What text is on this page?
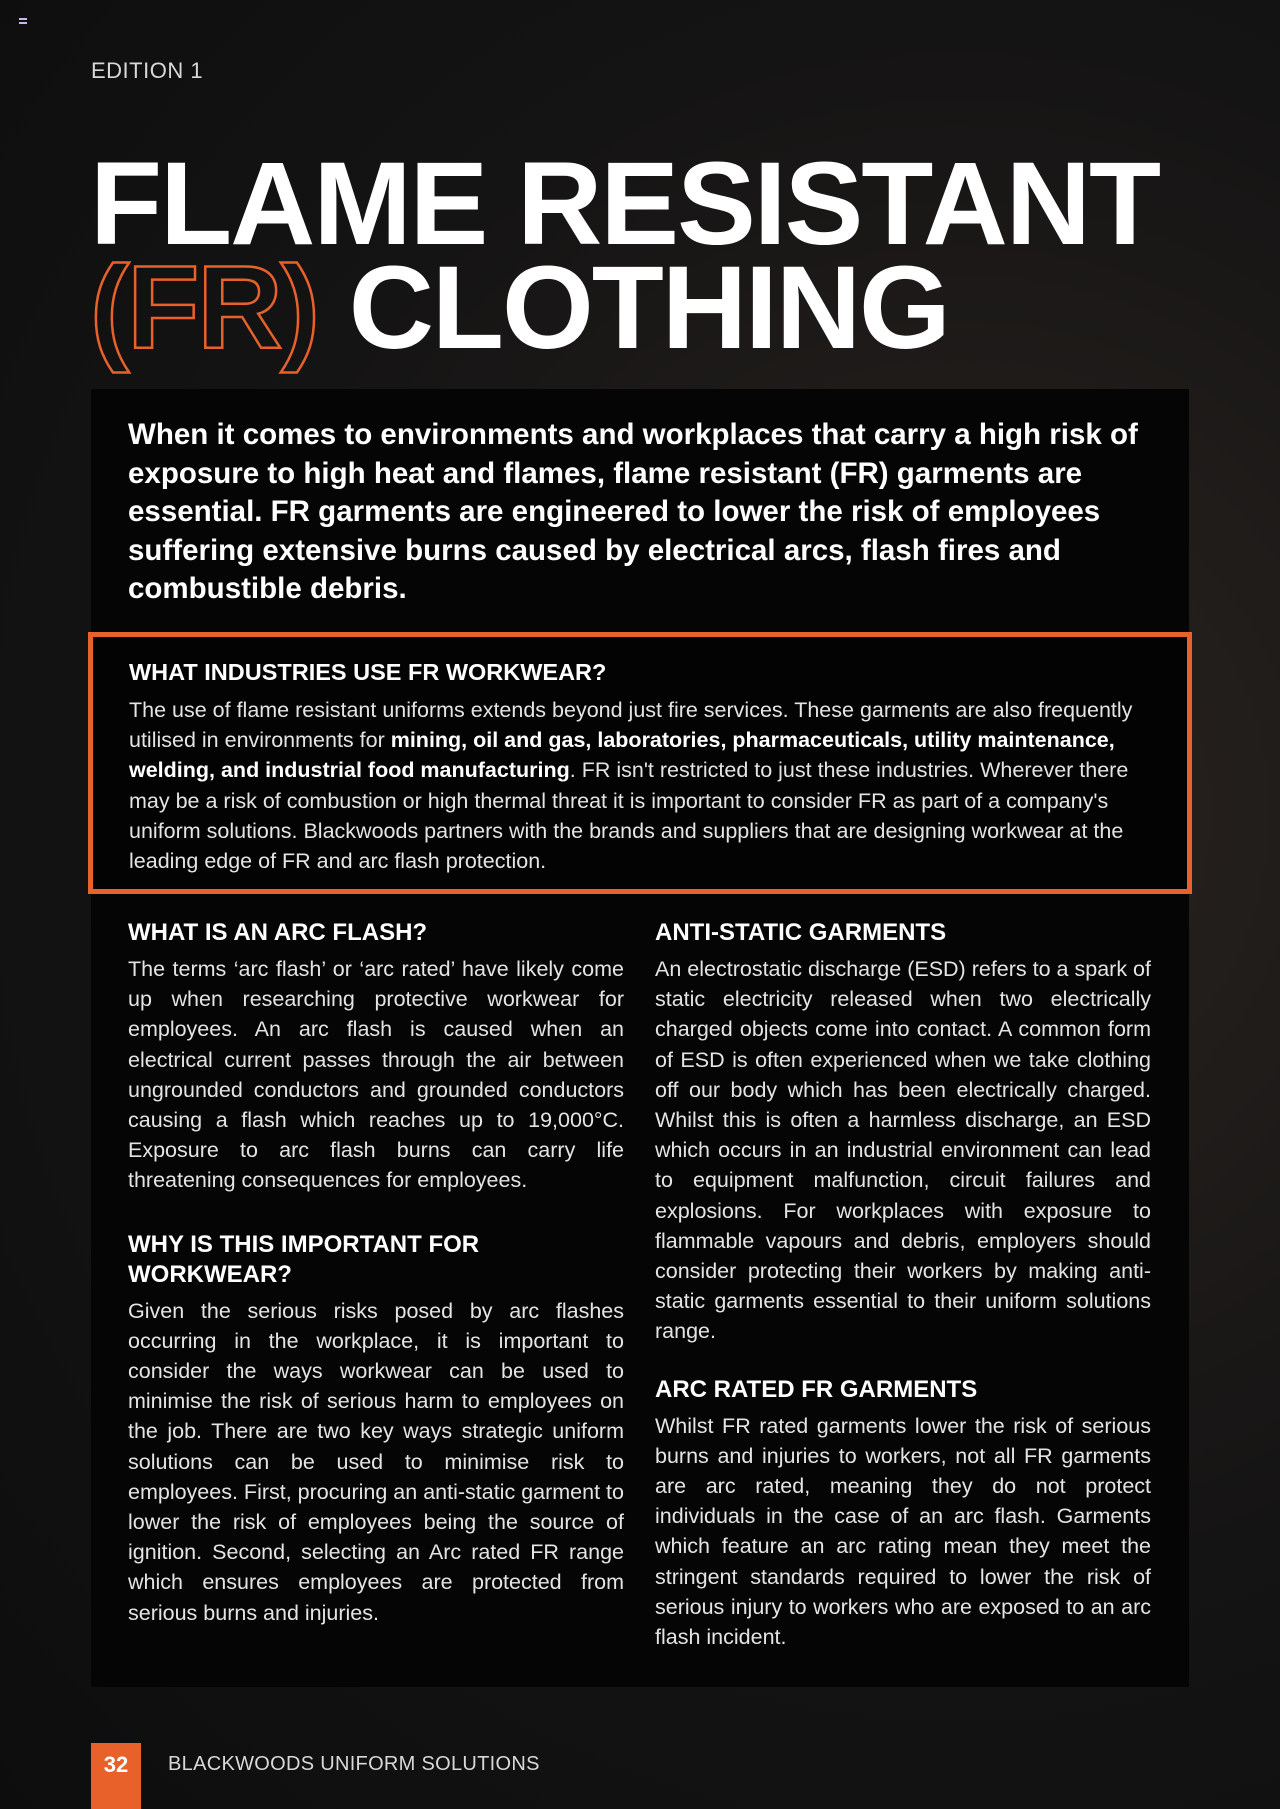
EDITION 1
FLAME RESISTANT
(FR) CLOTHING

When it comes to environments and workplaces that carry a high risk of exposure to high heat and flames, flame resistant (FR) garments are essential. FR garments are engineered to lower the risk of employees suffering extensive burns caused by electrical arcs, flash fires and combustible debris.

WHAT INDUSTRIES USE FR WORKWEAR?

The use of flame resistant uniforms extends beyond just fire services. These garments are also frequently utilised in environments for mining, oil and gas, laboratories, pharmaceuticals, utility maintenance, welding, and industrial food manufacturing. FR isn't restricted to just these industries. Wherever there may be a risk of combustion or high thermal threat it is important to consider FR as part of a company's uniform solutions. Blackwoods partners with the brands and suppliers that are designing workwear at the leading edge of FR and arc flash protection.

WHAT IS AN ARC FLASH?

The terms ‘arc flash’ or ‘arc rated’ have likely come up when researching protective workwear for employees. An arc flash is caused when an electrical current passes through the air between ungrounded conductors and grounded conductors causing a flash which reaches up to 19,000°C. Exposure to arc flash burns can carry life threatening consequences for employees.

WHY IS THIS IMPORTANT FOR WORKWEAR?

Given the serious risks posed by arc flashes occurring in the workplace, it is important to consider the ways workwear can be used to minimise the risk of serious harm to employees on the job. There are two key ways strategic uniform solutions can be used to minimise risk to employees. First, procuring an anti-static garment to lower the risk of employees being the source of ignition. Second, selecting an Arc rated FR range which ensures employees are protected from serious burns and injuries.

ANTI-STATIC GARMENTS

An electrostatic discharge (ESD) refers to a spark of static electricity released when two electrically charged objects come into contact. A common form of ESD is often experienced when we take clothing off our body which has been electrically charged. Whilst this is often a harmless discharge, an ESD which occurs in an industrial environment can lead to equipment malfunction, circuit failures and explosions. For workplaces with exposure to flammable vapours and debris, employers should consider protecting their workers by making anti-static garments essential to their uniform solutions range.

ARC RATED FR GARMENTS

Whilst FR rated garments lower the risk of serious burns and injuries to workers, not all FR garments are arc rated, meaning they do not protect individuals in the case of an arc flash. Garments which feature an arc rating mean they meet the stringent standards required to lower the risk of serious injury to workers who are exposed to an arc flash incident.

32	BLACKWOODS UNIFORM SOLUTIONS
